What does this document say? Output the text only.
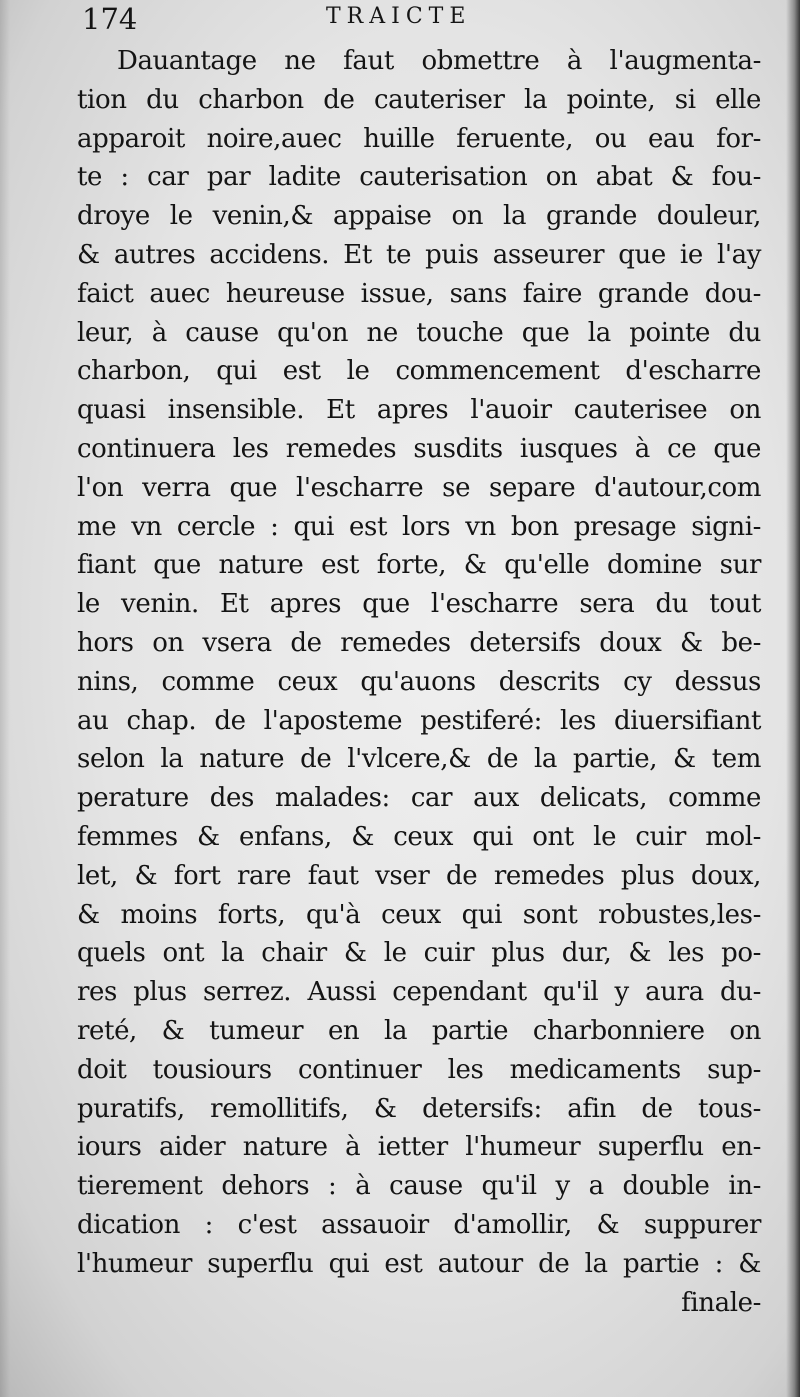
174	TRAICTE
Dauantage ne faut obmettre à l'augmenta-
tion du charbon de cauteriser la pointe, si elle
apparoit noire,auec huille feruente, ou eau for-
te : car par ladite cauterisation on abat & fou-
droye le venin,& appaise on la grande douleur,
& autres accidens. Et te puis asseurer que ie l'ay
faict auec heureuse issue, sans faire grande dou-
leur, à cause qu'on ne touche que la pointe du
charbon, qui est le commencement d'escharre
quasi insensible. Et apres l'auoir cauterisee on
continuera les remedes susdits iusques à ce que
l'on verra que l'escharre se separe d'autour,com
me vn cercle : qui est lors vn bon presage signi-
fiant que nature est forte, & qu'elle domine sur
le venin. Et apres que l'escharre sera du tout
hors on vsera de remedes detersifs doux & be-
nins, comme ceux qu'auons descrits cy dessus
au chap. de l'aposteme pestiferé: les diuersifiant
selon la nature de l'vlcere,& de la partie, & tem
perature des malades: car aux delicats, comme
femmes & enfans, & ceux qui ont le cuir mol-
let, & fort rare faut vser de remedes plus doux,
& moins forts, qu'à ceux qui sont robustes,les-
quels ont la chair & le cuir plus dur, & les po-
res plus serrez. Aussi cependant qu'il y aura du-
reté, & tumeur en la partie charbonniere on
doit tousiours continuer les medicaments sup-
puratifs, remollitifs, & detersifs: afin de tous-
iours aider nature à ietter l'humeur superflu en-
tierement dehors : à cause qu'il y a double in-
dication : c'est assauoir d'amollir, & suppurer
l'humeur superflu qui est autour de la partie : &
finale-
